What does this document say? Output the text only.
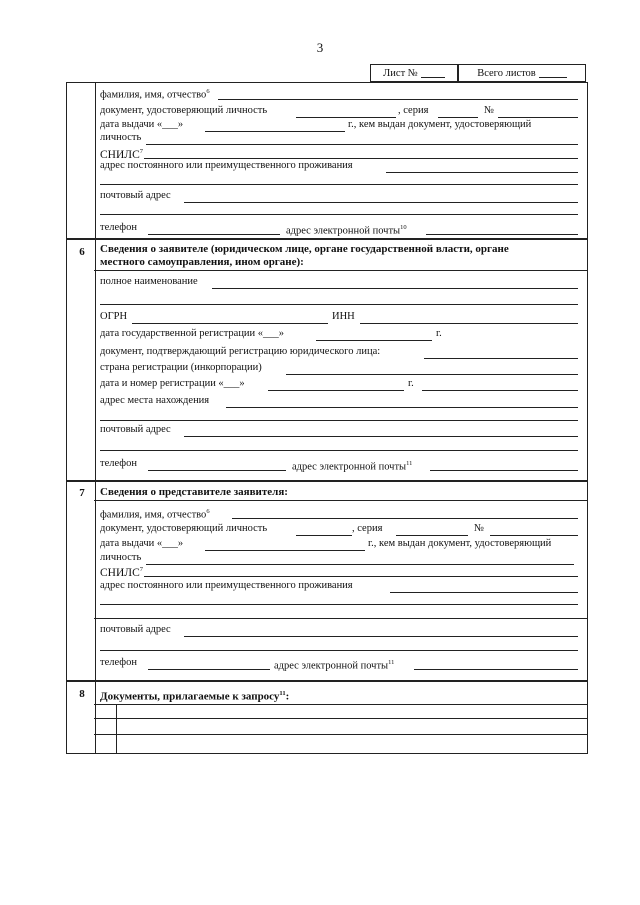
3
Лист №	Всего листов
фамилия, имя, отчество$^6$
документ, удостоверяющий личность	, серия	№
дата выдачи «___»	г., кем выдан документ, удостоверяющий
личность
СНИЛС$^7$
адрес постоянного или преимущественного проживания
почтовый адрес
телефон	адрес электронной почты$^{10}$
6	Сведения о заявителе (юридическом лице, органе государственной власти, органе
местного самоуправления, ином органе):
полное наименование
ОГРН	ИНН
дата государственной регистрации «___»	г.
документ, подтверждающий регистрацию юридического лица:
страна регистрации (инкорпорации)
дата и номер регистрации «___»	г.
адрес места нахождения
почтовый адрес
телефон	адрес электронной почты$^{11}$
7	Сведения о представителе заявителя:
фамилия, имя, отчество$^6$
документ, удостоверяющий личность	, серия	№
дата выдачи «___»	г., кем выдан документ, удостоверяющий
личность
СНИЛС$^7$
адрес постоянного или преимущественного проживания
почтовый адрес
телефон	адрес электронной почты$^{11}$
8	Документы, прилагаемые к запросу$^{11}$:
